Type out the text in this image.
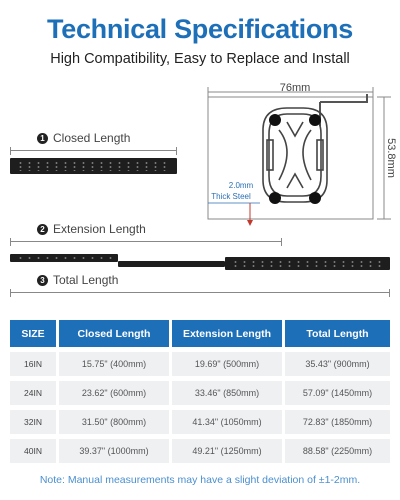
Technical Specifications
High Compatibility, Easy to Replace and Install
1 Closed Length
2 Extension Length
3 Total Length
76mm
53.8mm
2.0mm
Thick Steel
SIZE	Closed Length	Extension Length	Total Length
16IN	15.75" (400mm)	19.69" (500mm)	35.43" (900mm)
24IN	23.62" (600mm)	33.46" (850mm)	57.09" (1450mm)
32IN	31.50" (800mm)	41.34" (1050mm)	72.83" (1850mm)
40IN	39.37" (1000mm)	49.21" (1250mm)	88.58" (2250mm)
Note: Manual measurements may have a slight deviation of ±1-2mm.
